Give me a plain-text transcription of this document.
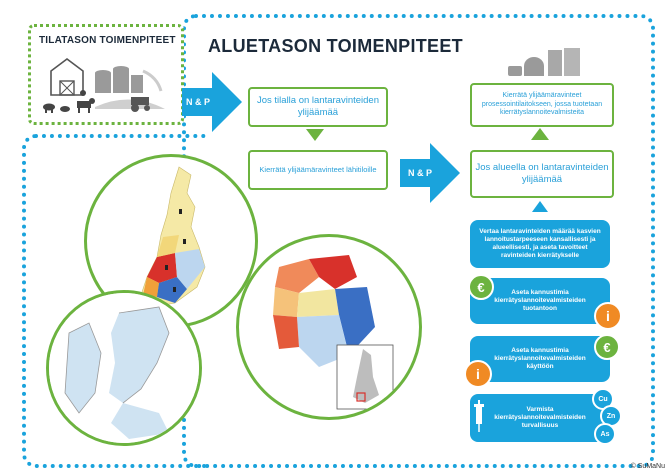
TILATASON TOIMENPITEET ALUETASON TOIMENPITEET
N & P	Jos tilalla on lantaravinteiden ylijäämää
Kierrätä ylijäämäravinteet lähitiloille	N & P
Kierrätä ylijäämäravinteet prosessointilaitokseen, jossa tuotetaan kierrätyslannoitevalmisteita
Jos alueella on lantaravinteiden ylijäämää
Vertaa lantaravinteiden määrää kasvien lannoitustarpeeseen kansallisesti ja alueellisesti, ja aseta tavoitteet ravinteiden kierrätykselle
Aseta kannustimia kierrätyslannoitevalmisteiden tuotantoon
Aseta kannustimia kierrätyslannoitevalmisteiden käyttöön
Varmista kierrätyslannoitevalmisteiden turvallisuus
€
i
€
i
Cu
Zn
As
© SuMaNu
